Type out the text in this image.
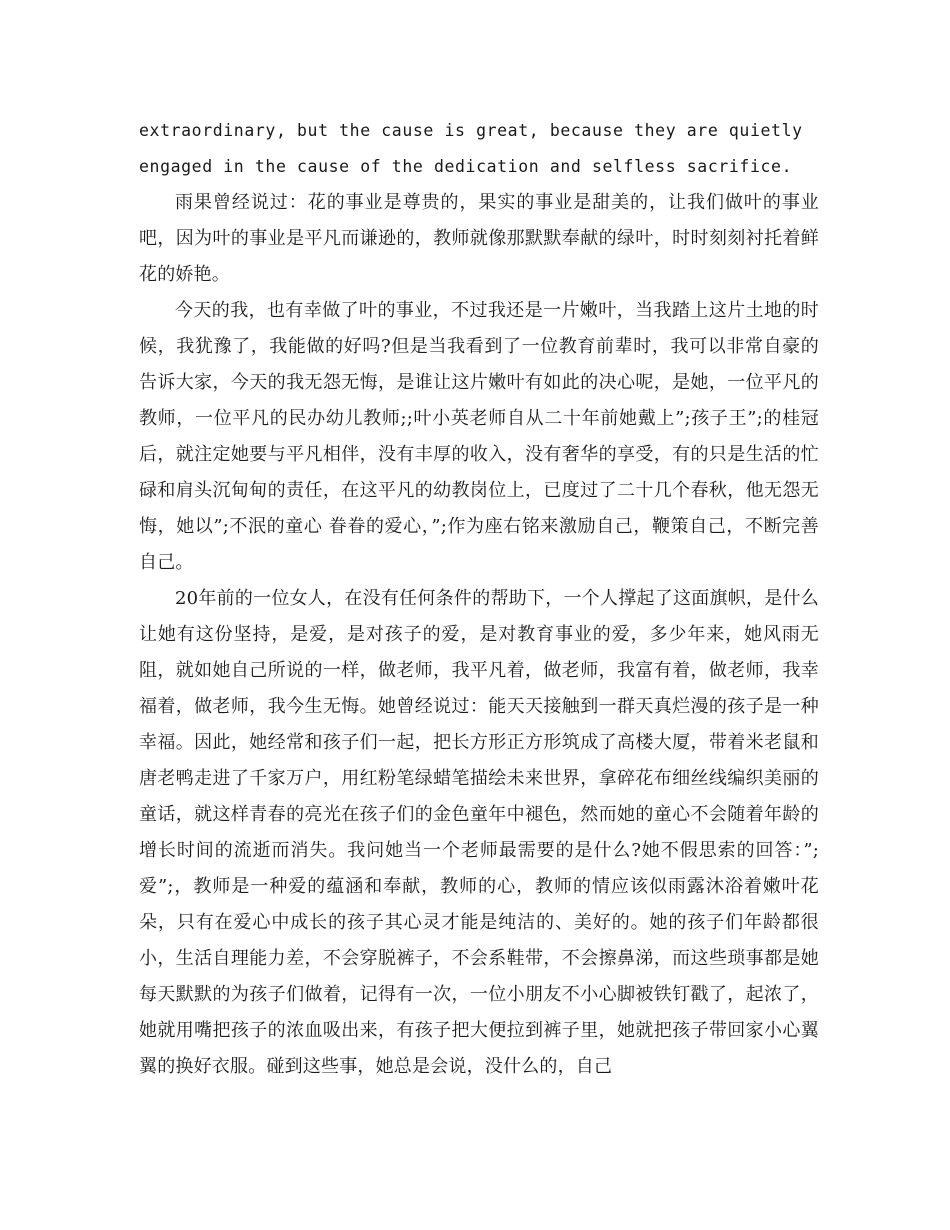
extraordinary, but the cause is great, because they are quietly engaged in the cause of the dedication and selfless sacrifice.

雨果曾经说过：花的事业是尊贵的，果实的事业是甜美的，让我们做叶的事业吧，因为叶的事业是平凡而谦逊的，教师就像那默默奉献的绿叶，时时刻刻衬托着鲜花的娇艳。

今天的我，也有幸做了叶的事业，不过我还是一片嫩叶，当我踏上这片土地的时候，我犹豫了，我能做的好吗?但是当我看到了一位教育前辈时，我可以非常自豪的告诉大家，今天的我无怨无悔，是谁让这片嫩叶有如此的决心呢，是她，一位平凡的教师，一位平凡的民办幼儿教师;;叶小英老师自从二十年前她戴上”;孩子王”;的桂冠后，就注定她要与平凡相伴，没有丰厚的收入，没有奢华的享受，有的只是生活的忙碌和肩头沉甸甸的责任，在这平凡的幼教岗位上，已度过了二十几个春秋，他无怨无悔，她以”;不泯的童心 眷眷的爱心，”;作为座右铭来激励自己，鞭策自己，不断完善自己。

20年前的一位女人，在没有任何条件的帮助下，一个人撑起了这面旗帜，是什么让她有这份坚持，是爱，是对孩子的爱，是对教育事业的爱，多少年来，她风雨无阻，就如她自己所说的一样，做老师，我平凡着，做老师，我富有着，做老师，我幸福着，做老师，我今生无悔。她曾经说过：能天天接触到一群天真烂漫的孩子是一种幸福。因此，她经常和孩子们一起，把长方形正方形筑成了高楼大厦，带着米老鼠和唐老鸭走进了千家万户，用红粉笔绿蜡笔描绘未来世界，拿碎花布细丝线编织美丽的童话，就这样青春的亮光在孩子们的金色童年中褪色，然而她的童心不会随着年龄的增长时间的流逝而消失。我问她当一个老师最需要的是什么?她不假思索的回答：”;爱”;，教师是一种爱的蕴涵和奉献，教师的心，教师的情应该似雨露沐浴着嫩叶花朵，只有在爱心中成长的孩子其心灵才能是纯洁的、美好的。她的孩子们年龄都很小，生活自理能力差，不会穿脱裤子，不会系鞋带，不会擦鼻涕，而这些琐事都是她每天默默的为孩子们做着，记得有一次，一位小朋友不小心脚被铁钉戳了，起浓了，她就用嘴把孩子的浓血吸出来，有孩子把大便拉到裤子里，她就把孩子带回家小心翼翼的换好衣服。碰到这些事，她总是会说，没什么的，自己
